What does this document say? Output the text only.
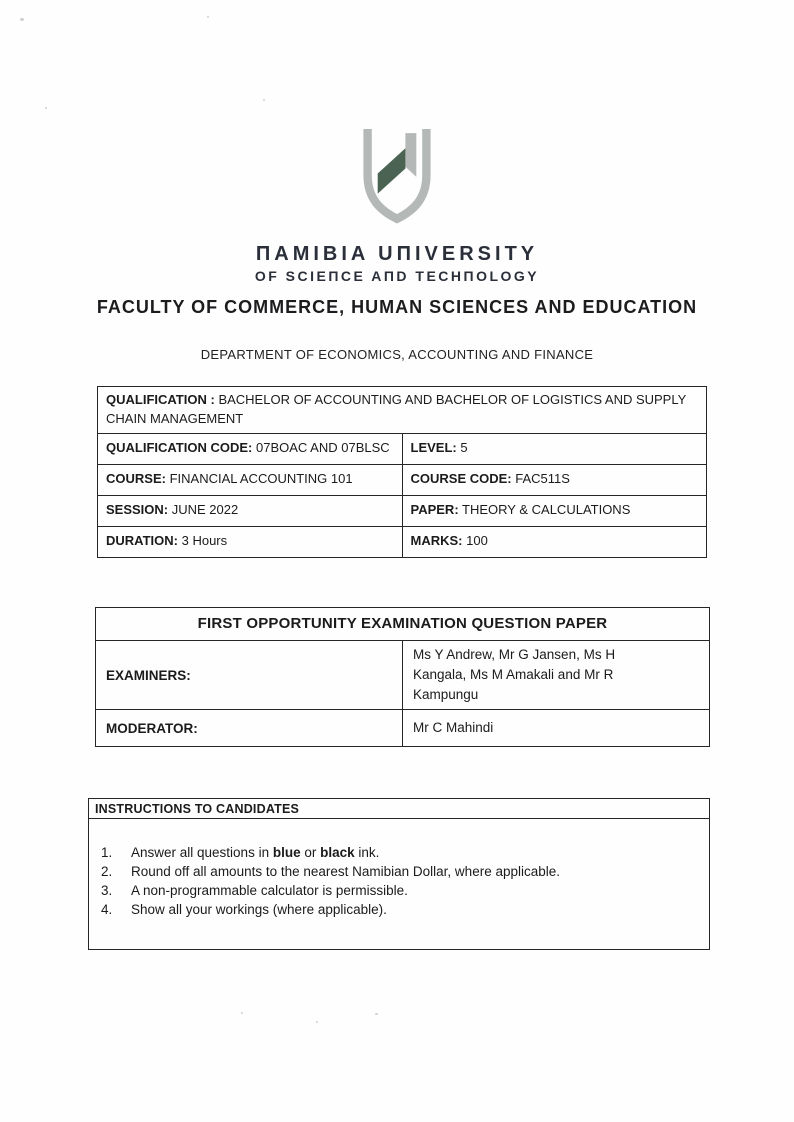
ПAMIBIA UПIVERSITY
OF SCIEПCE AПD TECHПOLOGY
FACULTY OF COMMERCE, HUMAN SCIENCES AND EDUCATION
DEPARTMENT OF ECONOMICS, ACCOUNTING AND FINANCE
QUALIFICATION : BACHELOR OF ACCOUNTING AND BACHELOR OF LOGISTICS AND SUPPLY CHAIN MANAGEMENT	
QUALIFICATION CODE: 07BOAC AND 07BLSC	LEVEL: 5
COURSE: FINANCIAL ACCOUNTING 101	COURSE CODE: FAC511S
SESSION: JUNE 2022	PAPER: THEORY & CALCULATIONS
DURATION: 3 Hours	MARKS: 100
FIRST OPPORTUNITY EXAMINATION QUESTION PAPER	
EXAMINERS:	Ms Y Andrew, Mr G Jansen, Ms H Kangala, Ms M Amakali and Mr R Kampungu
MODERATOR:	Mr C Mahindi
INSTRUCTIONS TO CANDIDATES
1.	Answer all questions in blue or black ink.
2.	Round off all amounts to the nearest Namibian Dollar, where applicable.
3.	A non-programmable calculator is permissible.
4.	Show all your workings (where applicable).
